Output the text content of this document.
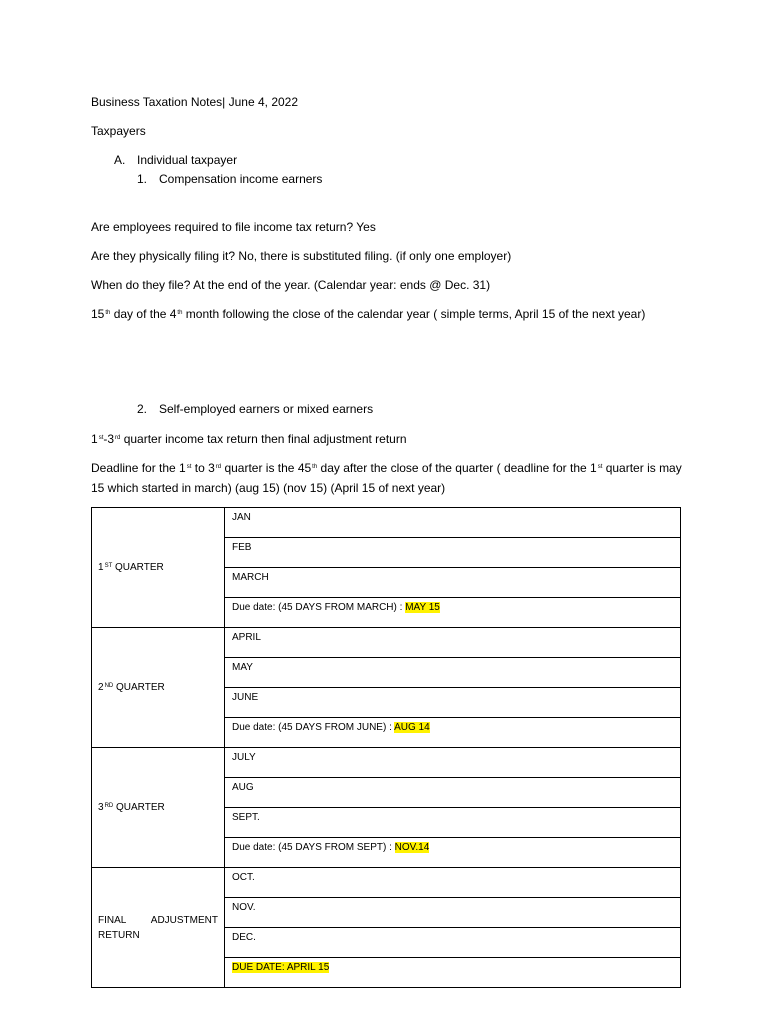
Business Taxation Notes| June 4, 2022
Taxpayers
A. Individual taxpayer
1. Compensation income earners
Are employees required to file income tax return? Yes
Are they physically filing it? No, there is substituted filing. (if only one employer)
When do they file? At the end of the year. (Calendar year: ends @ Dec. 31)
15th day of the 4th month following the close of the calendar year ( simple terms, April 15 of the next year)
2. Self-employed earners or mixed earners
1st-3rd quarter income tax return then final adjustment return
Deadline for the 1st to 3rd quarter is the 45th day after the close of the quarter ( deadline for the 1st quarter is may 15 which started in march) (aug 15) (nov 15) (April 15 of next year)
1ST QUARTER	JAN
	FEB
	MARCH
	Due date: (45 DAYS FROM MARCH) : MAY 15
2ND QUARTER	APRIL
	MAY
	JUNE
	Due date: (45 DAYS FROM JUNE) : AUG 14
3RD QUARTER	JULY
	AUG
	SEPT.
	Due date: (45 DAYS FROM SEPT) : NOV.14

FINAL ADJUSTMENT RETURN	OCT.
	NOV.
	DEC.
	DUE DATE: APRIL 15
